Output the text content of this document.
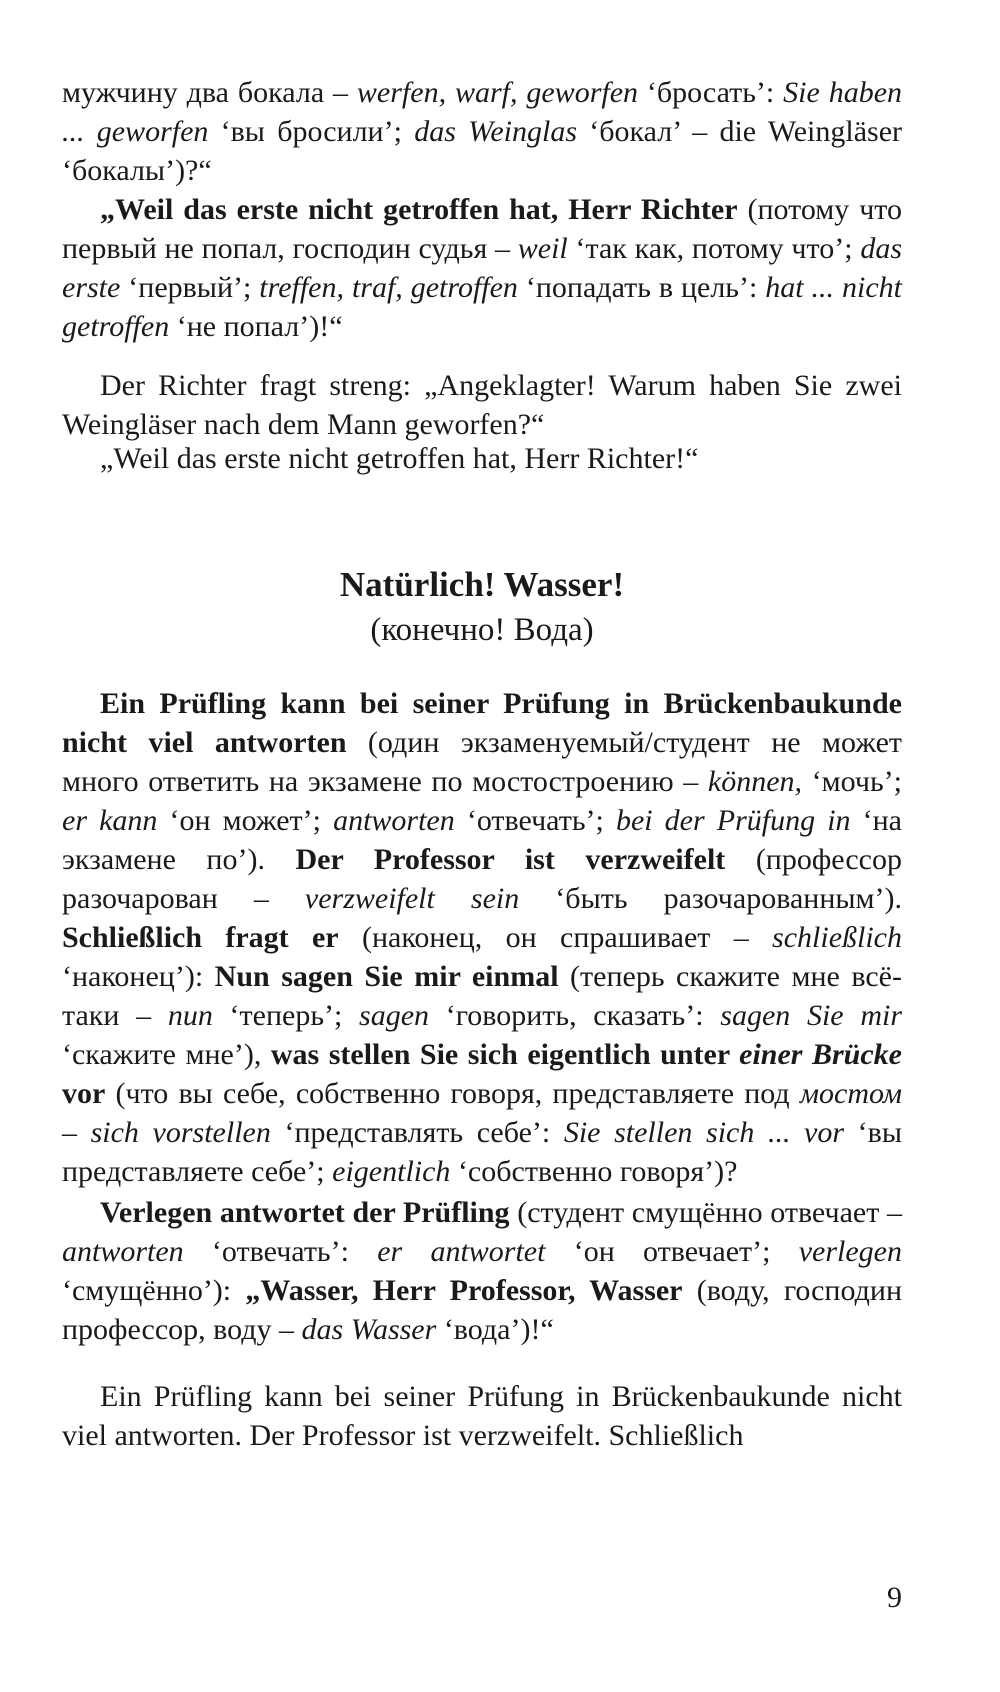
мужчину два бокала – werfen, warf, geworfen ‘бросать’: Sie haben ... geworfen ‘вы бросили’; das Weinglas ‘бокал’ – die Weingläser ‘бокалы’)?“

„Weil das erste nicht getroffen hat, Herr Richter (потому что первый не попал, господин судья – weil ‘так как, потому что’; das erste ‘первый’; treffen, traf, getroffen ‘попадать в цель’: hat ... nicht getroffen ‘не попал’)!“

Der Richter fragt streng: „Angeklagter! Warum haben Sie zwei Weingläser nach dem Mann geworfen?“

„Weil das erste nicht getroffen hat, Herr Richter!“

Natürlich! Wasser!
(конечно! Вода)

Ein Prüfling kann bei seiner Prüfung in Brückenbaukunde nicht viel antworten (один экзаменуемый/студент не может много ответить на экзамене по мостостроению – können, ‘мочь’; er kann ‘он может’; antworten ‘отвечать’; bei der Prüfung in ‘на экзамене по’). Der Professor ist verzweifelt (профессор разочарован – verzweifelt sein ‘быть разочарованным’). Schließlich fragt er (наконец, он спрашивает – schließlich ‘наконец’): Nun sagen Sie mir einmal (теперь скажите мне всё-таки – nun ‘теперь’; sagen ‘говорить, сказать’: sagen Sie mir ‘скажите мне’), was stellen Sie sich eigentlich unter einer Brücke vor (что вы себе, собственно говоря, представляете под мостом – sich vorstellen ‘представлять себе’: Sie stellen sich ... vor ‘вы представляете себе’; eigentlich ‘собственно говоря’)?

Verlegen antwortet der Prüfling (студент смущённо отвечает – antworten ‘отвечать’: er antwortet ‘он отвечает’; verlegen ‘смущённо’): „Wasser, Herr Professor, Wasser (воду, господин профессор, воду – das Wasser ‘вода’)!“

Ein Prüfling kann bei seiner Prüfung in Brückenbaukunde nicht viel antworten. Der Professor ist verzweifelt. Schließlich

9
